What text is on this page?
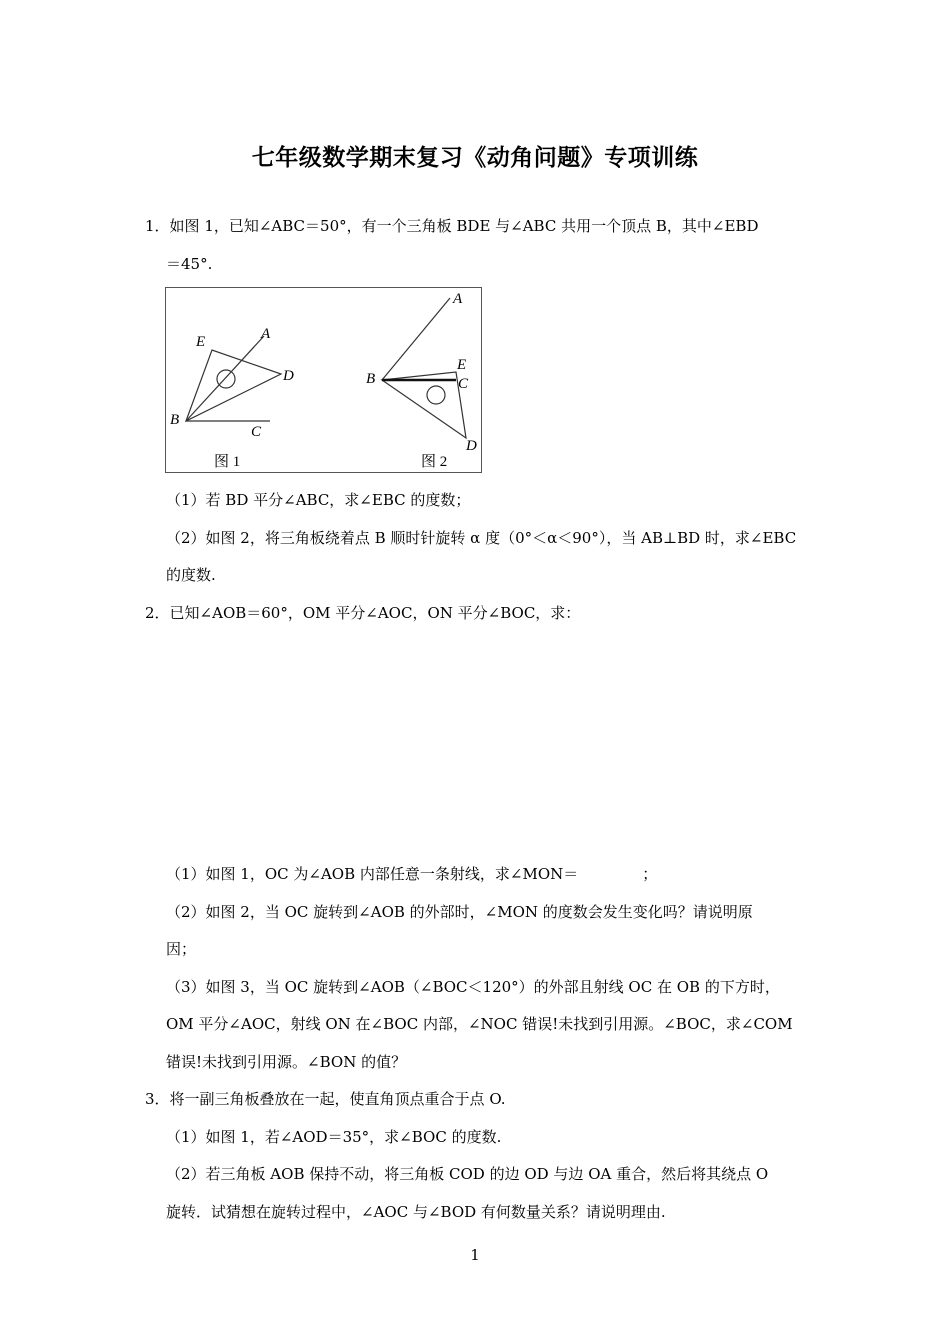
七年级数学期末复习《动角问题》专项训练
1．如图 1，已知∠ABC＝50°，有一个三角板 BDE 与∠ABC 共用一个顶点 B，其中∠EBD
＝45°.
E	A
D
B
C
A
E
B	C
D
图 1	图 2
（1）若 BD 平分∠ABC，求∠EBC 的度数；
（2）如图 2，将三角板绕着点 B 顺时针旋转 α 度（0°＜α＜90°），当 AB⊥BD 时，求∠EBC
的度数.
2．已知∠AOB＝60°，OM 平分∠AOC，ON 平分∠BOC，求：
（1）如图 1，OC 为∠AOB 内部任意一条射线，求∠MON＝	；
（2）如图 2，当 OC 旋转到∠AOB 的外部时，∠MON 的度数会发生变化吗？请说明原
因；
（3）如图 3，当 OC 旋转到∠AOB（∠BOC＜120°）的外部且射线 OC 在 OB 的下方时，
OM 平分∠AOC，射线 ON 在∠BOC 内部，∠NOC 错误!未找到引用源。∠BOC，求∠COM
错误!未找到引用源。∠BON 的值？
3．将一副三角板叠放在一起，使直角顶点重合于点 O.
（1）如图 1，若∠AOD＝35°，求∠BOC 的度数.
（2）若三角板 AOB 保持不动，将三角板 COD 的边 OD 与边 OA 重合，然后将其绕点 O
旋转．试猜想在旋转过程中，∠AOC 与∠BOD 有何数量关系？请说明理由.
1
